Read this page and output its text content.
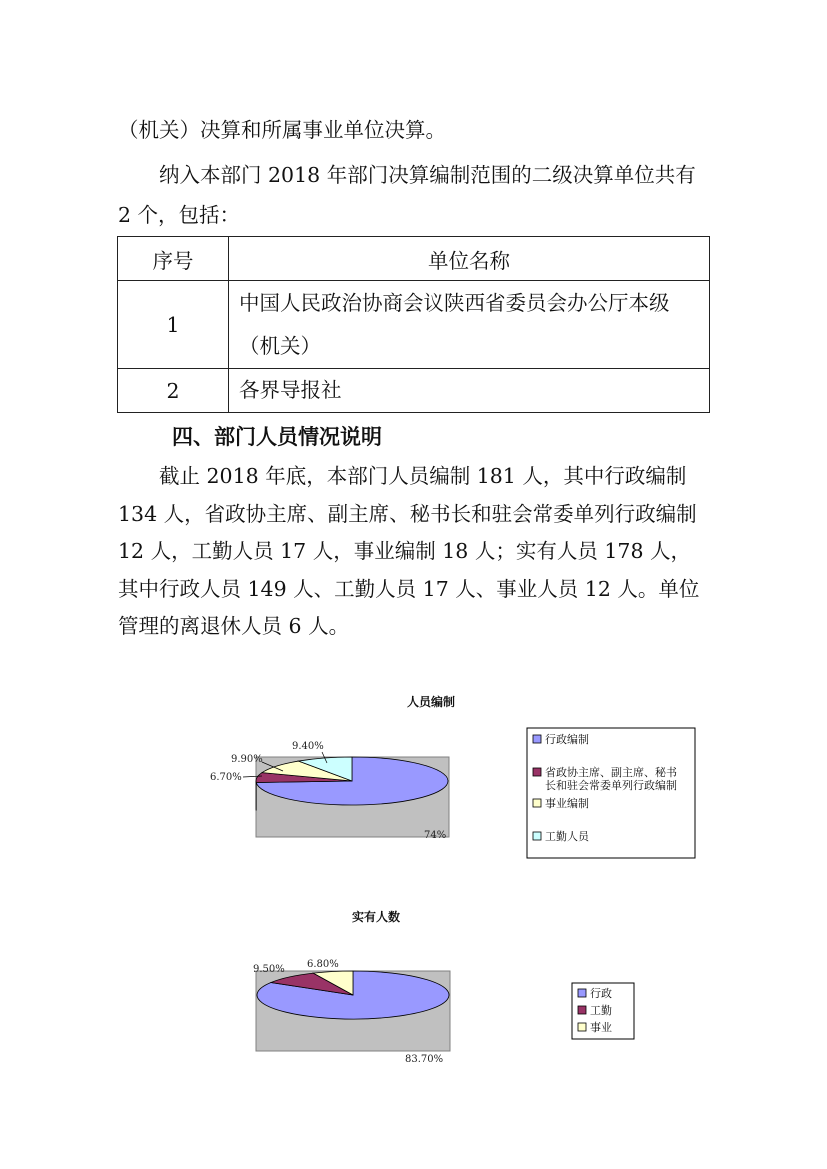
（机关）决算和所属事业单位决算。

纳入本部门 2018 年部门决算编制范围的二级决算单位共有 2 个，包括：

序号	单位名称
1	中国人民政治协商会议陕西省委员会办公厅本级（机关）
2	各界导报社

四、部门人员情况说明

截止 2018 年底，本部门人员编制 181 人，其中行政编制 134 人，省政协主席、副主席、秘书长和驻会常委单列行政编制 12 人，工勤人员 17 人，事业编制 18 人；实有人员 178 人，其中行政人员 149 人、工勤人员 17 人、事业人员 12 人。单位管理的离退休人员 6 人。

人员编制
实有人数
74%
6.70%
9.90%
9.40%
行政编制
省政协主席、副主席、秘书
长和驻会常委单列行政编制
事业编制
工勤人员
83.70%
9.50% 6.80%
行政
工勤
事业
